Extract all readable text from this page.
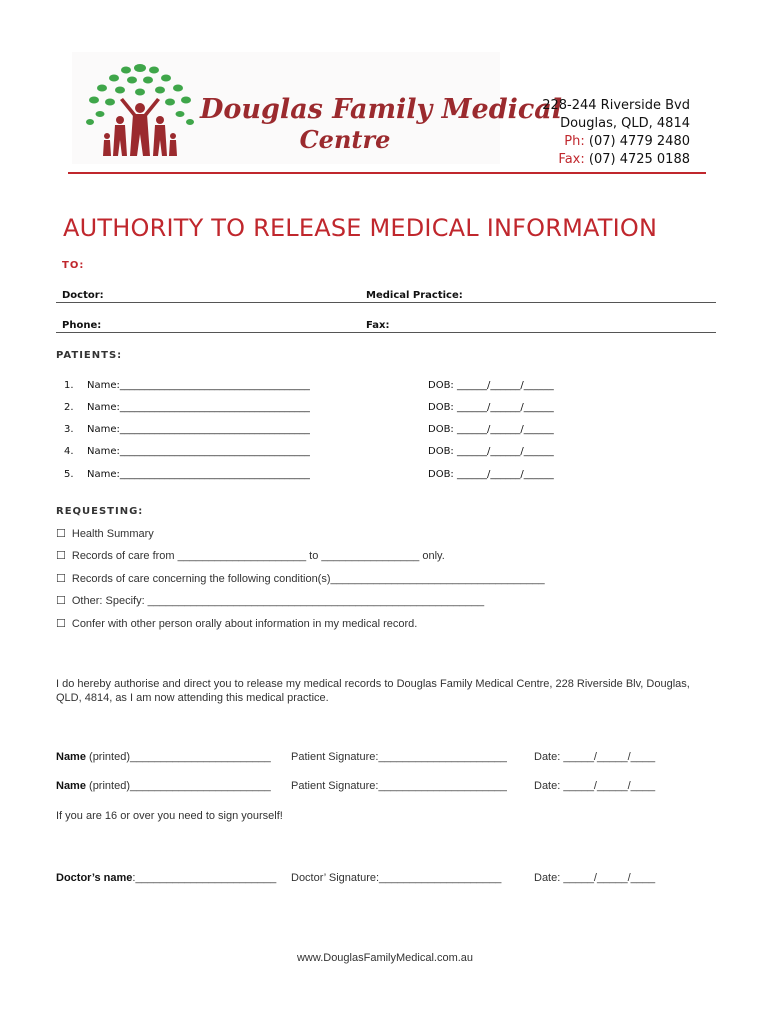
Douglas Family Medical
Centre
228-244 Riverside Bvd
Douglas, QLD, 4814
Ph: (07) 4779 2480
Fax: (07) 4725 0188
AUTHORITY TO RELEASE MEDICAL INFORMATION
TO:
Doctor:	Medical Practice:
Phone:	Fax:
PATIENTS:
1. Name:______________________________________	DOB: ______/______/______
2. Name:______________________________________	DOB: ______/______/______
3. Name:______________________________________	DOB: ______/______/______
4. Name:______________________________________	DOB: ______/______/______
5. Name:______________________________________	DOB: ______/______/______
REQUESTING:
☐ Health Summary
☐ Records of care from _____________________ to ________________ only.
☐ Records of care concerning the following condition(s)___________________________________
☐ Other: Specify: _______________________________________________________
☐ Confer with other person orally about information in my medical record.
I do hereby authorise and direct you to release my medical records to Douglas Family Medical Centre, 228 Riverside Blv, Douglas, QLD, 4814, as I am now attending this medical practice.
Name (printed)_______________________ Patient Signature:_____________________ Date: _____/_____/____
Name (printed)_______________________ Patient Signature:_____________________ Date: _____/_____/____
If you are 16 or over you need to sign yourself!
Doctor’s name:_______________________ Doctor’ Signature:____________________	Date: _____/_____/____
www.DouglasFamilyMedical.com.au
